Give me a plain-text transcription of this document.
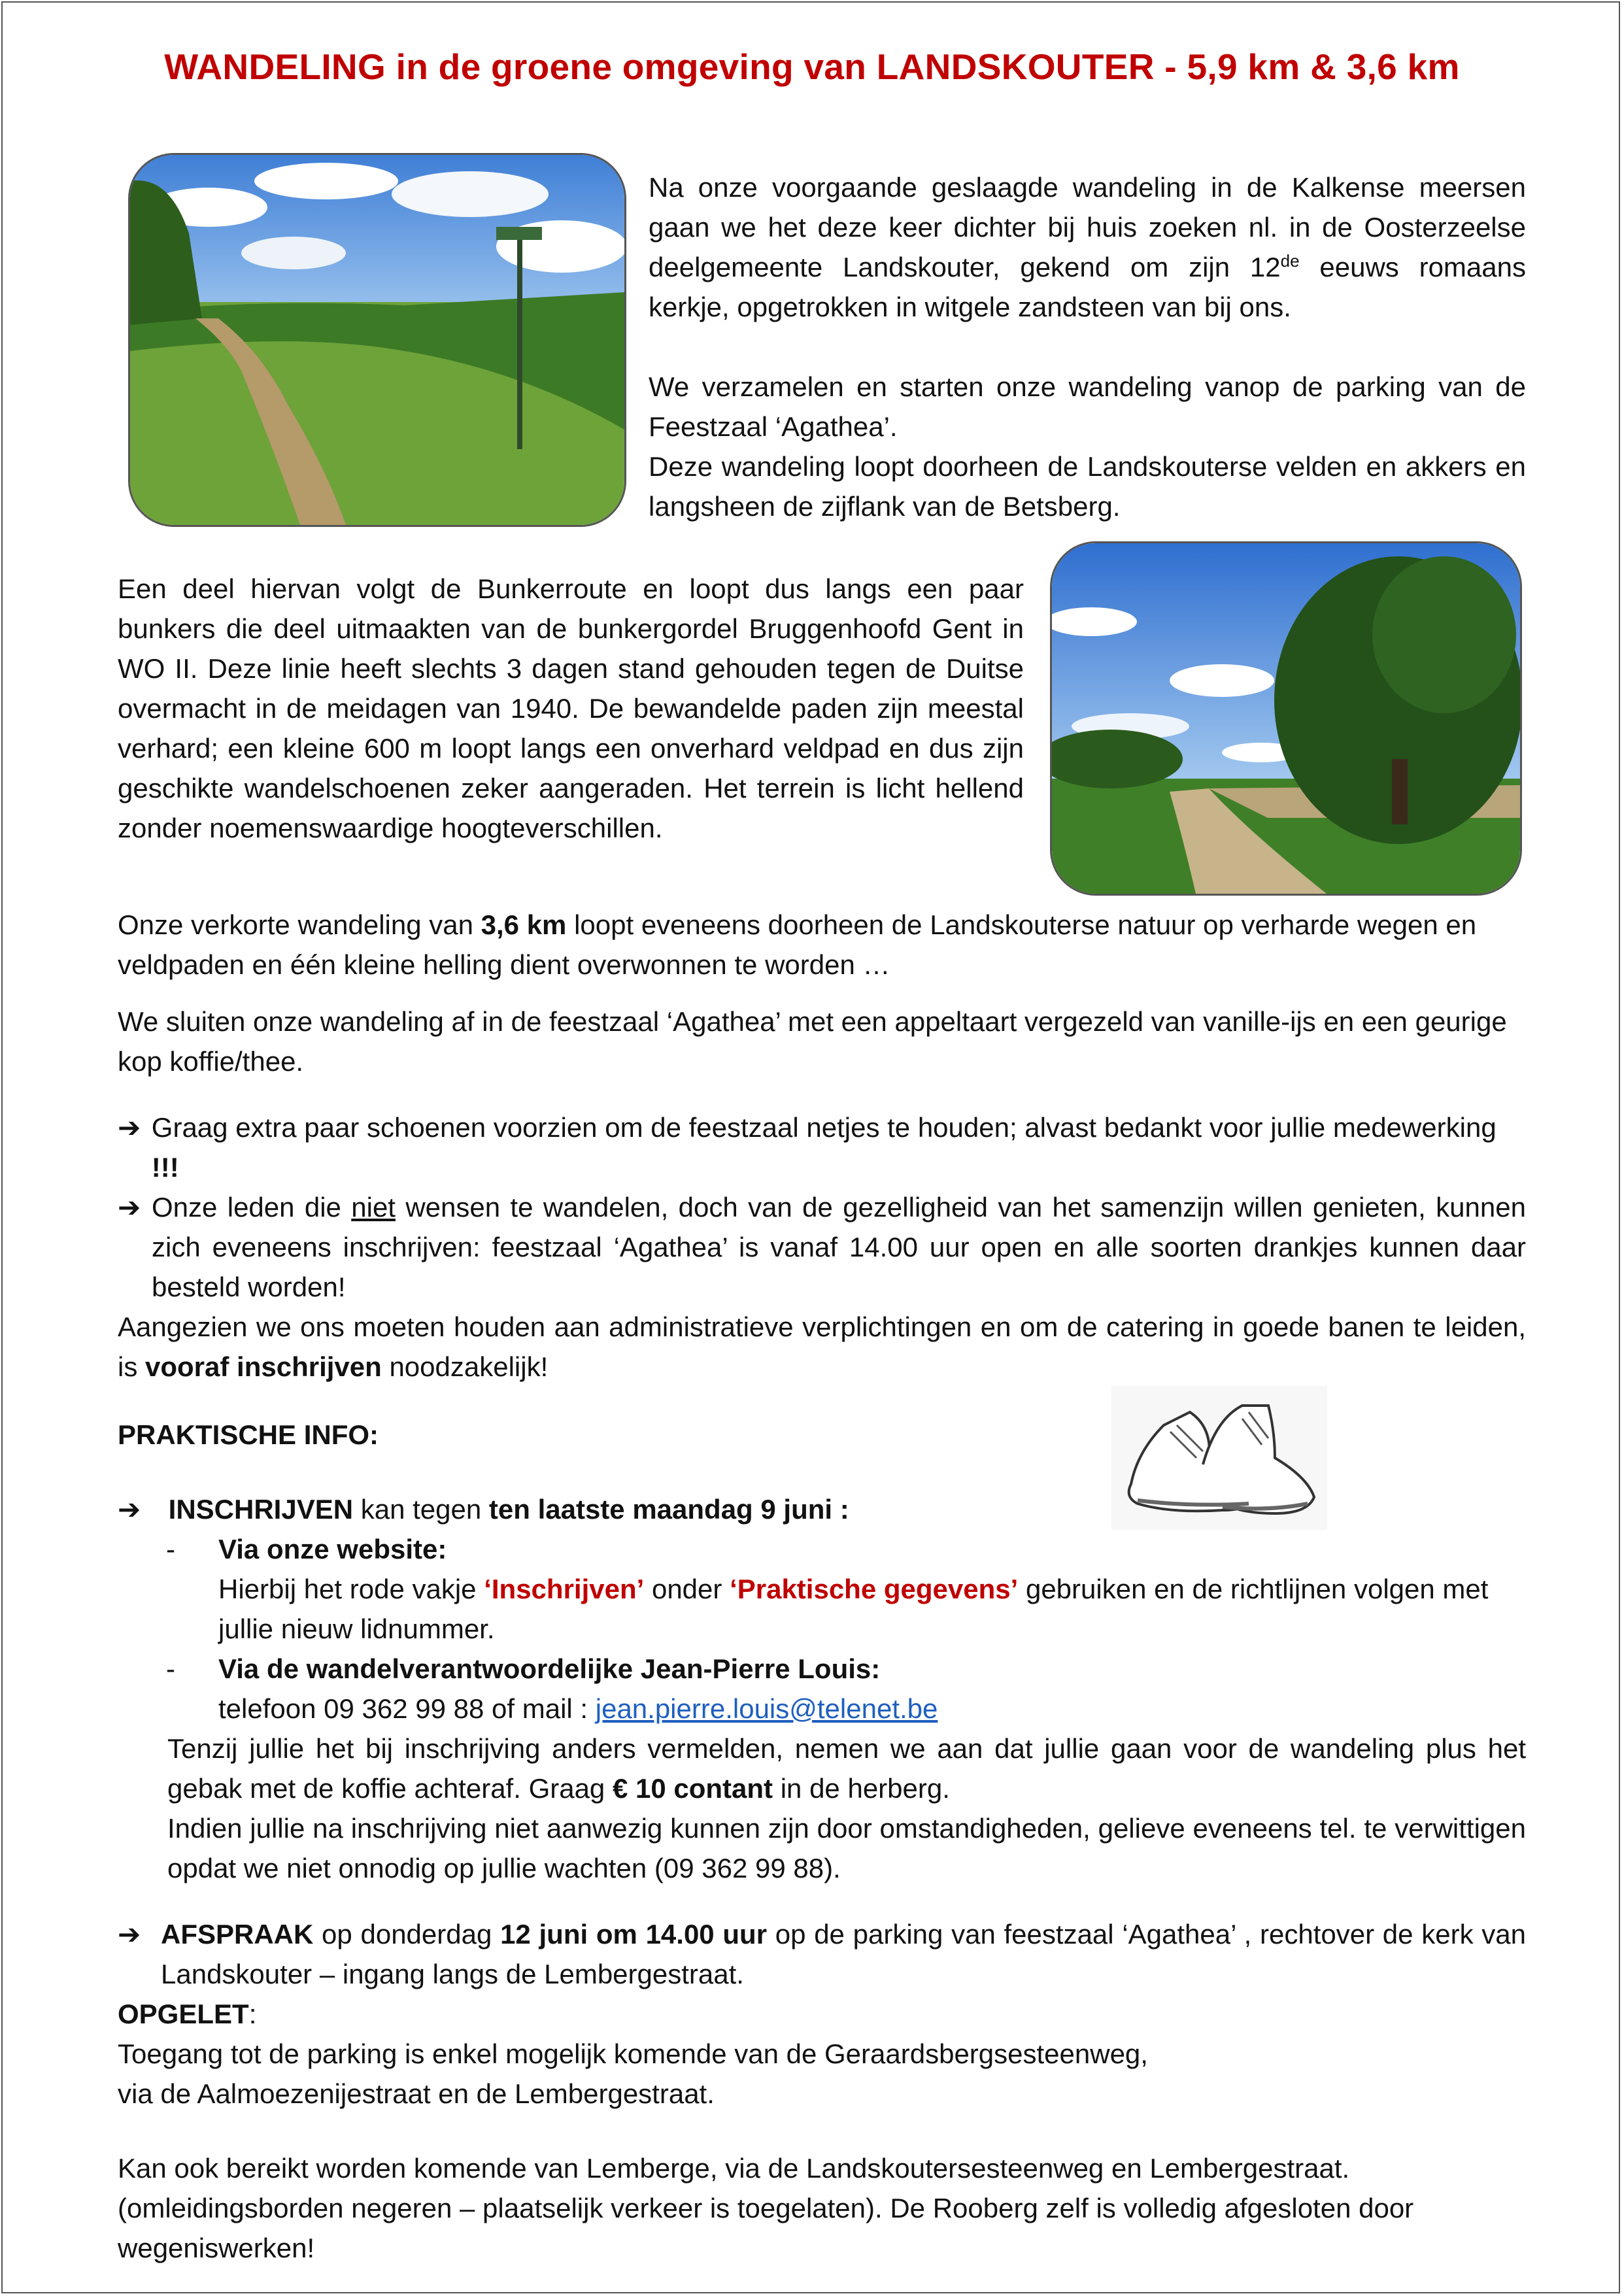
WANDELING in de groene omgeving van LANDSKOUTER - 5,9 km & 3,6 km

Na onze voorgaande geslaagde wandeling in de Kalkense meersen gaan we het deze keer dichter bij huis zoeken nl. in de Oosterzeelse deelgemeente Landskouter, gekend om zijn 12de eeuws romaans kerkje, opgetrokken in witgele zandsteen van bij ons.

We verzamelen en starten onze wandeling vanop de parking van de Feestzaal ‘Agathea’.

Deze wandeling loopt doorheen de Landskouterse velden en akkers en langsheen de zijflank van de Betsberg.

Een deel hiervan volgt de Bunkerroute en loopt dus langs een paar bunkers die deel uitmaakten van de bunkergordel Bruggenhoofd Gent in WO II. Deze linie heeft slechts 3 dagen stand gehouden tegen de Duitse overmacht in de meidagen van 1940. De bewandelde paden zijn meestal verhard; een kleine 600 m loopt langs een onverhard veldpad en dus zijn geschikte wandelschoenen zeker aangeraden. Het terrein is licht hellend zonder noemenswaardige hoogteverschillen.
Onze verkorte wandeling van 3,6 km loopt eveneens doorheen de Landskouterse natuur op verharde wegen en veldpaden en één kleine helling dient overwonnen te worden …
We sluiten onze wandeling af in de feestzaal ‘Agathea’ met een appeltaart vergezeld van vanille-ijs en een geurige kop koffie/thee.
➔ Graag extra paar schoenen voorzien om de feestzaal netjes te houden; alvast bedankt voor jullie medewerking !!!
➔ Onze leden die niet wensen te wandelen, doch van de gezelligheid van het samenzijn willen genieten, kunnen zich eveneens inschrijven: feestzaal ‘Agathea’ is vanaf 14.00 uur open en alle soorten drankjes kunnen daar besteld worden!

Aangezien we ons moeten houden aan administratieve verplichtingen en om de catering in goede banen te leiden, is vooraf inschrijven noodzakelijk!

PRAKTISCHE INFO:
➔ INSCHRIJVEN kan tegen ten laatste maandag 9 juni :
-	Via onze website:
Hierbij het rode vakje ‘Inschrijven’ onder ‘Praktische gegevens’ gebruiken en de richtlijnen volgen met jullie nieuw lidnummer.
-	Via de wandelverantwoordelijke Jean-Pierre Louis:
telefoon 09 362 99 88 of mail : jean.pierre.louis@telenet.be
Tenzij jullie het bij inschrijving anders vermelden, nemen we aan dat jullie gaan voor de wandeling plus het gebak met de koffie achteraf. Graag € 10 contant in de herberg.
Indien jullie na inschrijving niet aanwezig kunnen zijn door omstandigheden, gelieve eveneens tel. te verwittigen opdat we niet onnodig op jullie wachten (09 362 99 88).
➔ AFSPRAAK op donderdag 12 juni om 14.00 uur op de parking van feestzaal ‘Agathea’ , rechtover de kerk van Landskouter – ingang langs de Lembergestraat.
OPGELET:
Toegang tot de parking is enkel mogelijk komende van de Geraardsbergsesteenweg,
via de Aalmoezenijestraat en de Lembergestraat.
Kan ook bereikt worden komende van Lemberge, via de Landskoutersesteenweg en Lembergestraat. (omleidingsborden negeren – plaatselijk verkeer is toegelaten). De Rooberg zelf is volledig afgesloten door wegeniswerken!
